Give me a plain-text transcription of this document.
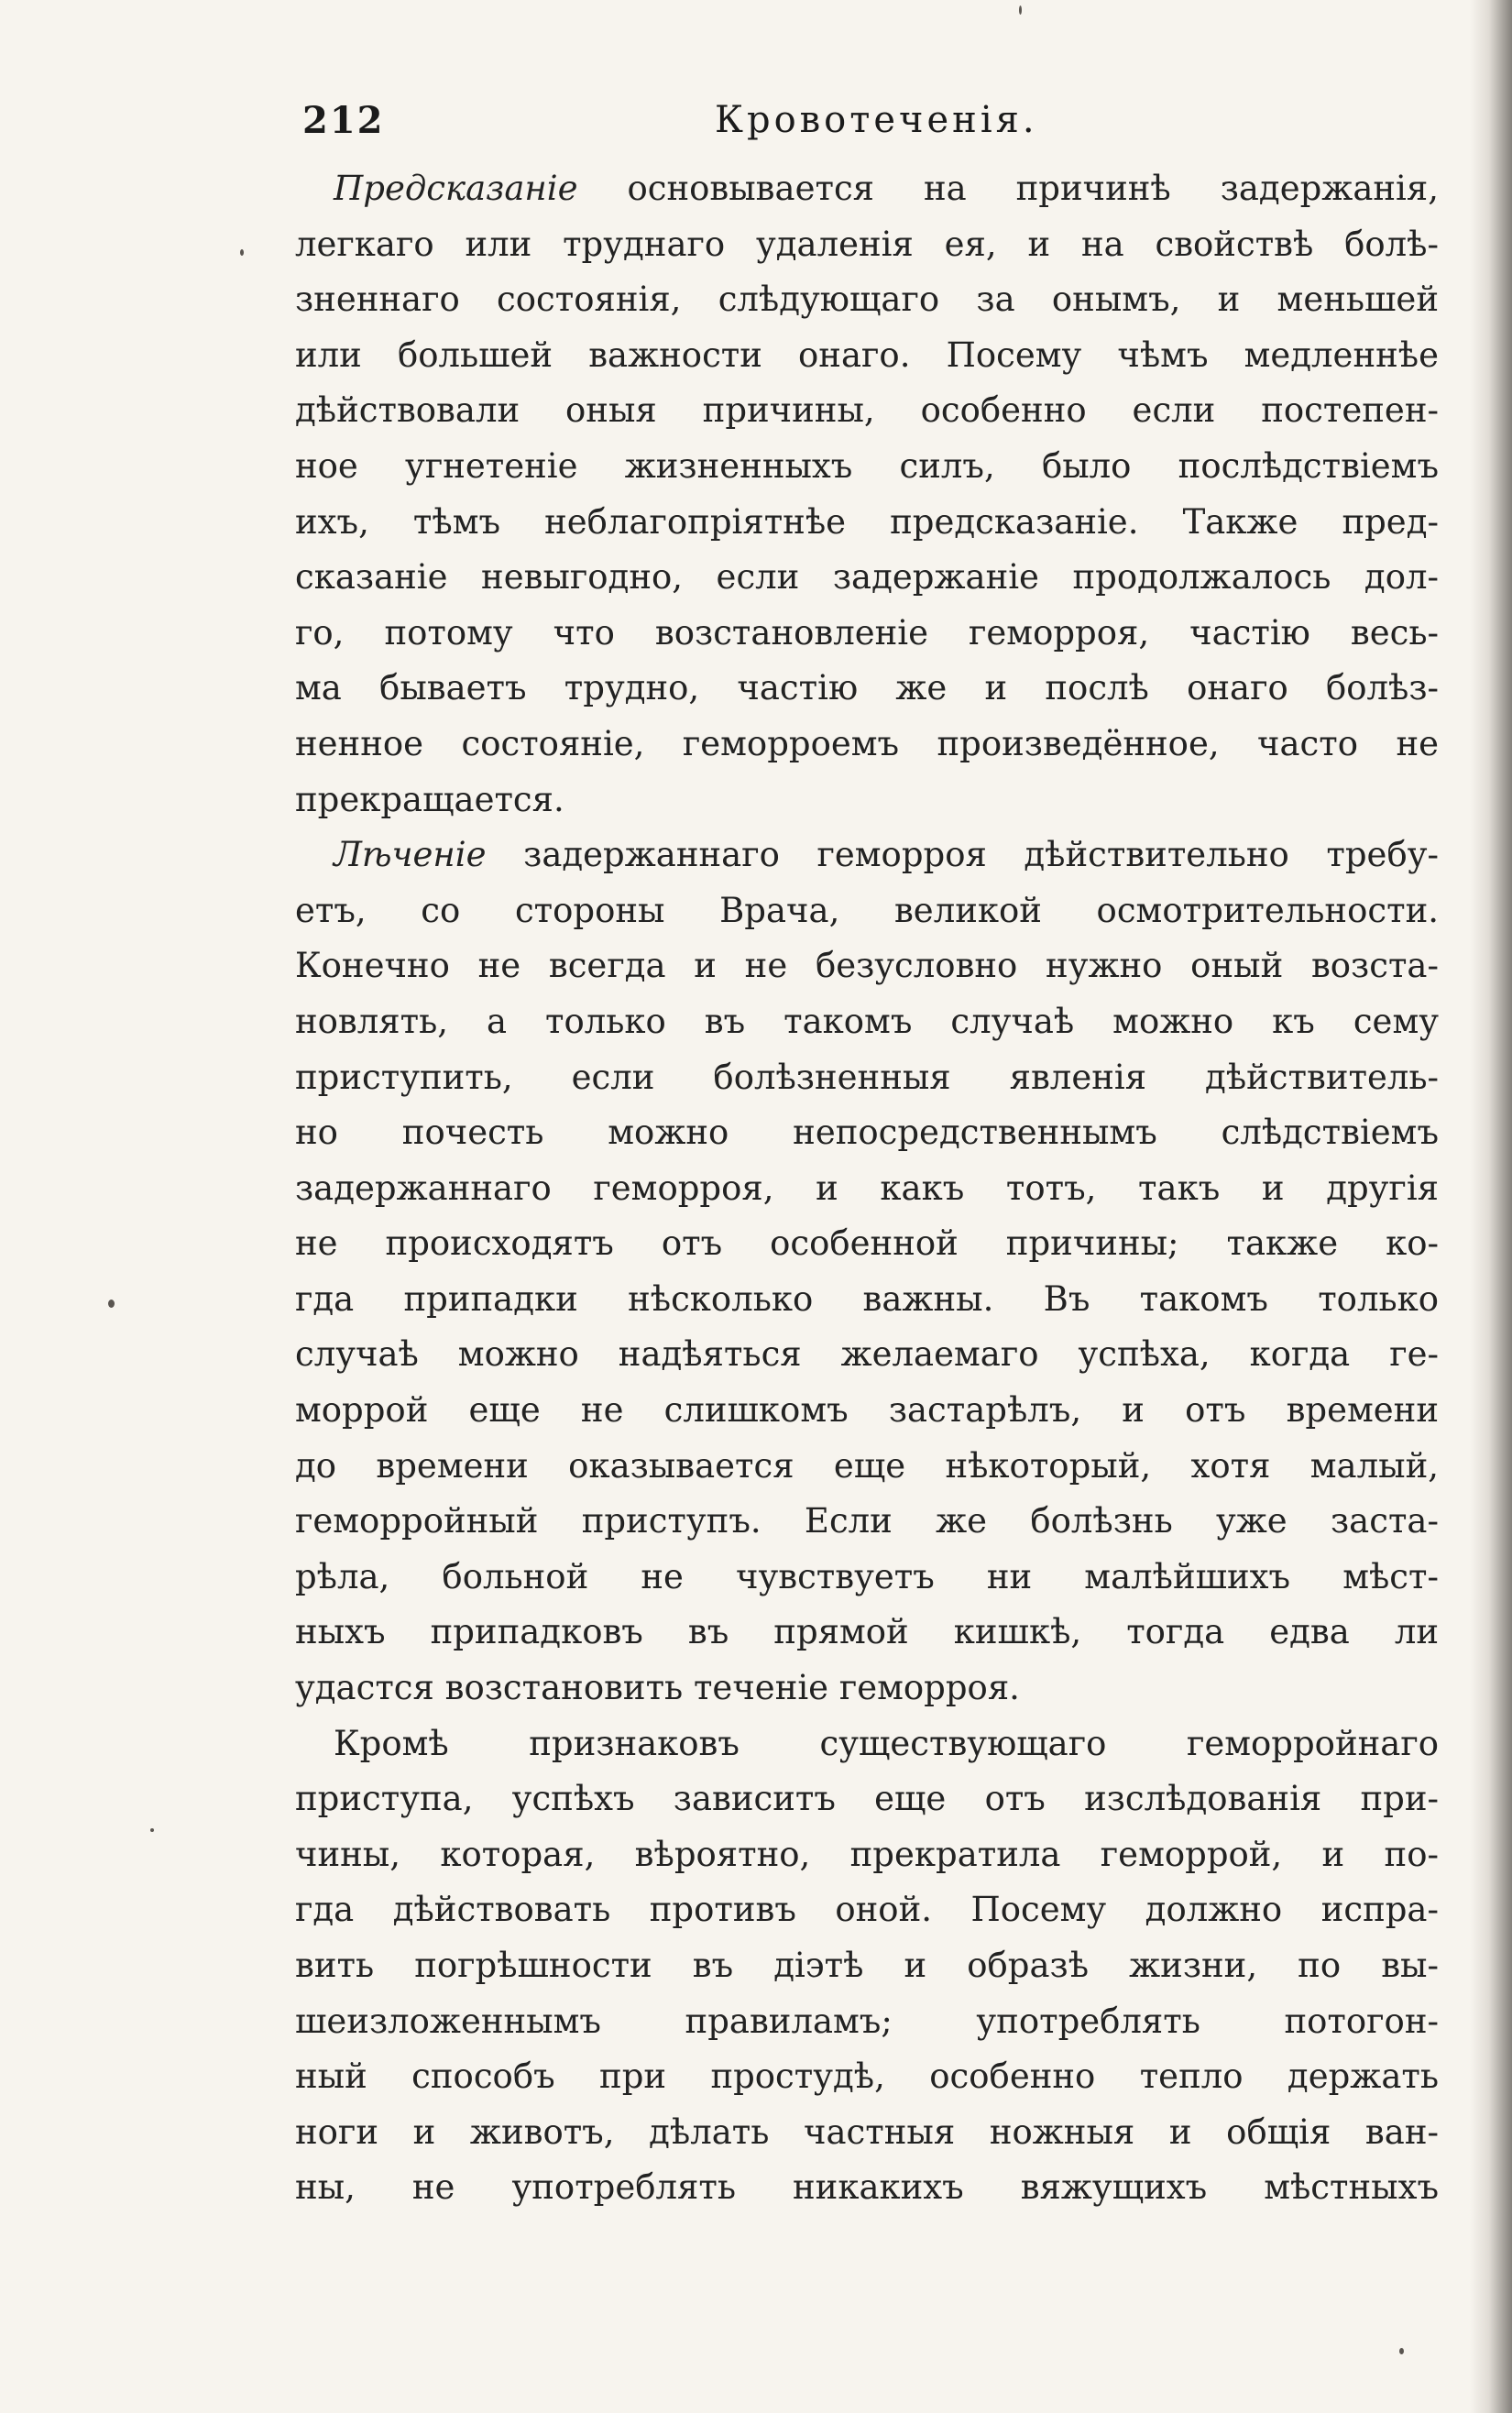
212	Кровотеченія.
Предсказаніе основывается на причинѣ задержанія,
легкаго или труднаго удаленія ея, и на свойствѣ болѣ-
зненнаго состоянія, слѣдующаго за онымъ, и меньшей
или большей важности онаго. Посему чѣмъ медленнѣе
дѣйствовали оныя причины, особенно если постепен-
ное угнетеніе жизненныхъ силъ, было послѣдствіемъ
ихъ, тѣмъ неблагопріятнѣе предсказаніе. Также пред-
сказаніе невыгодно, если задержаніе продолжалось дол-
го, потому что возстановленіе геморроя, частію весь-
ма бываетъ трудно, частію же и послѣ онаго болѣз-
ненное состояніе, геморроемъ произведённое, часто не
прекращается.
Лѣченіе задержаннаго геморроя дѣйствительно требу-
етъ, со стороны Врача, великой осмотрительности.
Конечно не всегда и не безусловно нужно оный возста-
новлять, а только въ такомъ случаѣ можно къ сему
приступить, если болѣзненныя явленія дѣйствитель-
но почесть можно непосредственнымъ слѣдствіемъ
задержаннаго геморроя, и какъ тотъ, такъ и другія
не происходятъ отъ особенной причины; также ко-
гда припадки нѣсколько важны. Въ такомъ только
случаѣ можно надѣяться желаемаго успѣха, когда ге-
моррой еще не слишкомъ застарѣлъ, и отъ времени
до времени оказывается еще нѣкоторый, хотя малый,
геморройный приступъ. Если же болѣзнь уже заста-
рѣла, больной не чувствуетъ ни малѣйшихъ мѣст-
ныхъ припадковъ въ прямой кишкѣ, тогда едва ли
удастся возстановить теченіе геморроя.
Кромѣ признаковъ существующаго геморройнаго
приступа, успѣхъ зависитъ еще отъ изслѣдованія при-
чины, которая, вѣроятно, прекратила геморрой, и по-
гда дѣйствовать противъ оной. Посему должно испра-
вить погрѣшности въ діэтѣ и образѣ жизни, по вы-
шеизложеннымъ правиламъ; употреблять потогон-
ный способъ при простудѣ, особенно тепло держать
ноги и животъ, дѣлать частныя ножныя и общія ван-
ны, не употреблять никакихъ вяжущихъ мѣстныхъ
